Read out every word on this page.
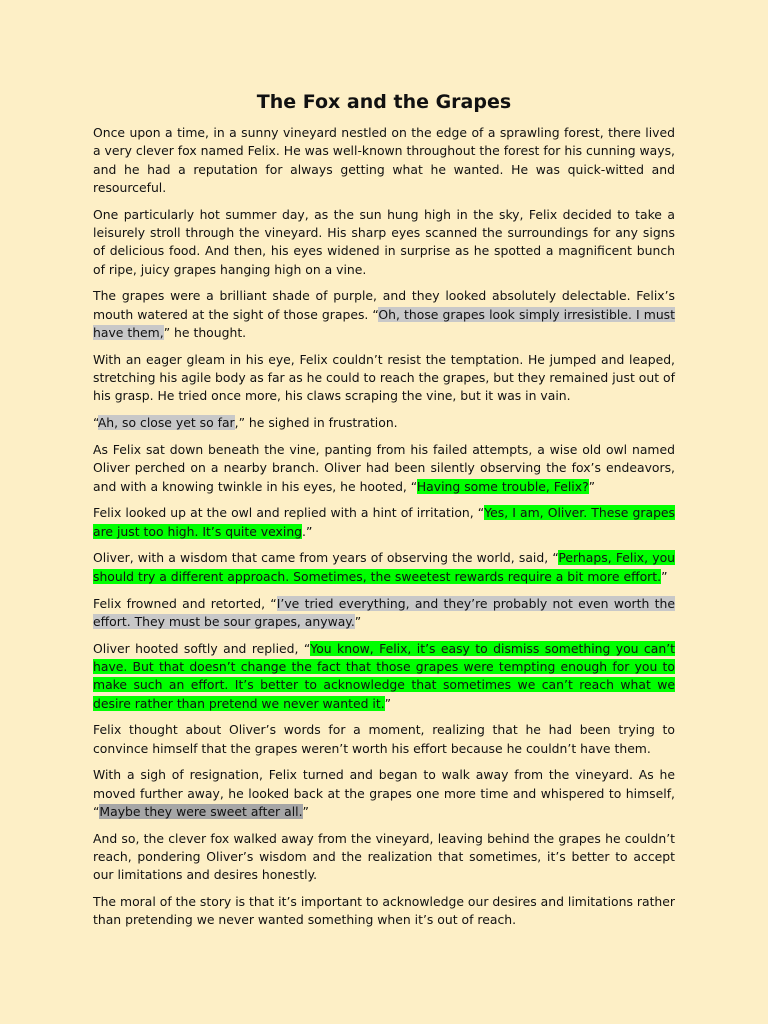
The Fox and the Grapes

Once upon a time, in a sunny vineyard nestled on the edge of a sprawling forest, there lived a very clever fox named Felix. He was well-known throughout the forest for his cunning ways, and he had a reputation for always getting what he wanted. He was quick-witted and resourceful.

One particularly hot summer day, as the sun hung high in the sky, Felix decided to take a leisurely stroll through the vineyard. His sharp eyes scanned the surroundings for any signs of delicious food. And then, his eyes widened in surprise as he spotted a magnificent bunch of ripe, juicy grapes hanging high on a vine.

The grapes were a brilliant shade of purple, and they looked absolutely delectable. Felix’s mouth watered at the sight of those grapes. “Oh, those grapes look simply irresistible. I must have them,” he thought.

With an eager gleam in his eye, Felix couldn’t resist the temptation. He jumped and leaped, stretching his agile body as far as he could to reach the grapes, but they remained just out of his grasp. He tried once more, his claws scraping the vine, but it was in vain.

“Ah, so close yet so far,” he sighed in frustration.

As Felix sat down beneath the vine, panting from his failed attempts, a wise old owl named Oliver perched on a nearby branch. Oliver had been silently observing the fox’s endeavors, and with a knowing twinkle in his eyes, he hooted, “Having some trouble, Felix?”

Felix looked up at the owl and replied with a hint of irritation, “Yes, I am, Oliver. These grapes are just too high. It’s quite vexing.”

Oliver, with a wisdom that came from years of observing the world, said, “Perhaps, Felix, you should try a different approach. Sometimes, the sweetest rewards require a bit more effort.”

Felix frowned and retorted, “I’ve tried everything, and they’re probably not even worth the effort. They must be sour grapes, anyway.”

Oliver hooted softly and replied, “You know, Felix, it’s easy to dismiss something you can’t have. But that doesn’t change the fact that those grapes were tempting enough for you to make such an effort. It’s better to acknowledge that sometimes we can’t reach what we desire rather than pretend we never wanted it.”

Felix thought about Oliver’s words for a moment, realizing that he had been trying to convince himself that the grapes weren’t worth his effort because he couldn’t have them.

With a sigh of resignation, Felix turned and began to walk away from the vineyard. As he moved further away, he looked back at the grapes one more time and whispered to himself, “Maybe they were sweet after all.”

And so, the clever fox walked away from the vineyard, leaving behind the grapes he couldn’t reach, pondering Oliver’s wisdom and the realization that sometimes, it’s better to accept our limitations and desires honestly.

The moral of the story is that it’s important to acknowledge our desires and limitations rather than pretending we never wanted something when it’s out of reach.
